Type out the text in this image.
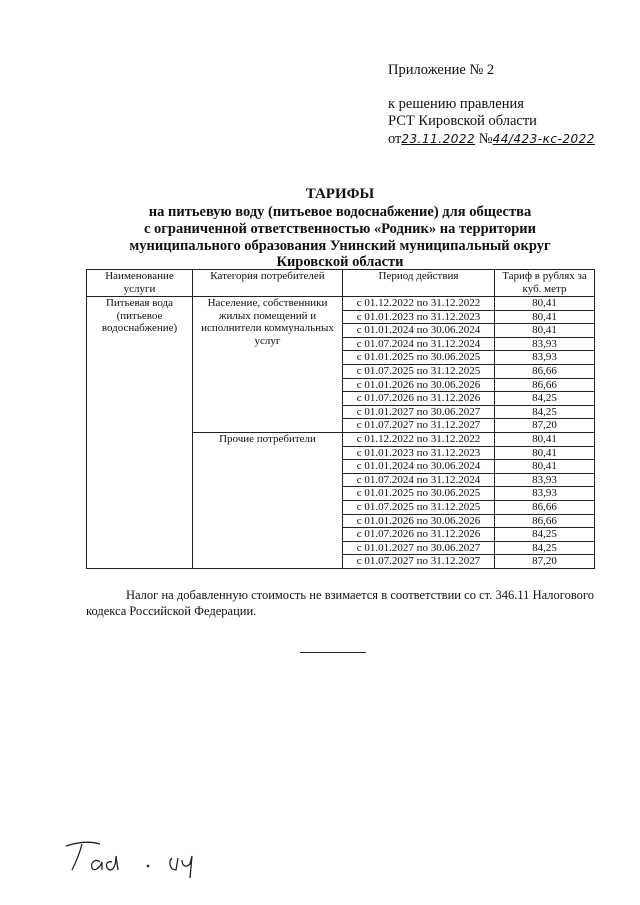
Приложение № 2
к решению правления
РСТ Кировской области
от23.11.2022 №44/423-кс-2022
ТАРИФЫ
на питьевую воду (питьевое водоснабжение) для общества
с ограниченной ответственностью «Родник» на территории
муниципального образования Унинский муниципальный округ
Кировской области
Наименование услуги	Категория потребителей	Период действия	Тариф в рублях за куб. метр
Питьевая вода (питьевое водоснабжение)	Население, собственники жилых помещений и исполнители коммунальных услуг	с 01.12.2022 по 31.12.2022	80,41
		с 01.01.2023 по 31.12.2023	80,41
		с 01.01.2024 по 30.06.2024	80,41
		с 01.07.2024 по 31.12.2024	83,93
		с 01.01.2025 по 30.06.2025	83,93
		с 01.07.2025 по 31.12.2025	86,66
		с 01.01.2026 по 30.06.2026	86,66
		с 01.07.2026 по 31.12.2026	84,25
		с 01.01.2027 по 30.06.2027	84,25
		с 01.07.2027 по 31.12.2027	87,20
	Прочие потребители	с 01.12.2022 по 31.12.2022	80,41
		с 01.01.2023 по 31.12.2023	80,41
		с 01.01.2024 по 30.06.2024	80,41
		с 01.07.2024 по 31.12.2024	83,93
		с 01.01.2025 по 30.06.2025	83,93
		с 01.07.2025 по 31.12.2025	86,66
		с 01.01.2026 по 30.06.2026	86,66
		с 01.07.2026 по 31.12.2026	84,25
		с 01.01.2027 по 30.06.2027	84,25
		с 01.07.2027 по 31.12.2027	87,20
Налог на добавленную стоимость не взимается в соответствии со ст. 346.11 Налогового кодекса Российской Федерации.
